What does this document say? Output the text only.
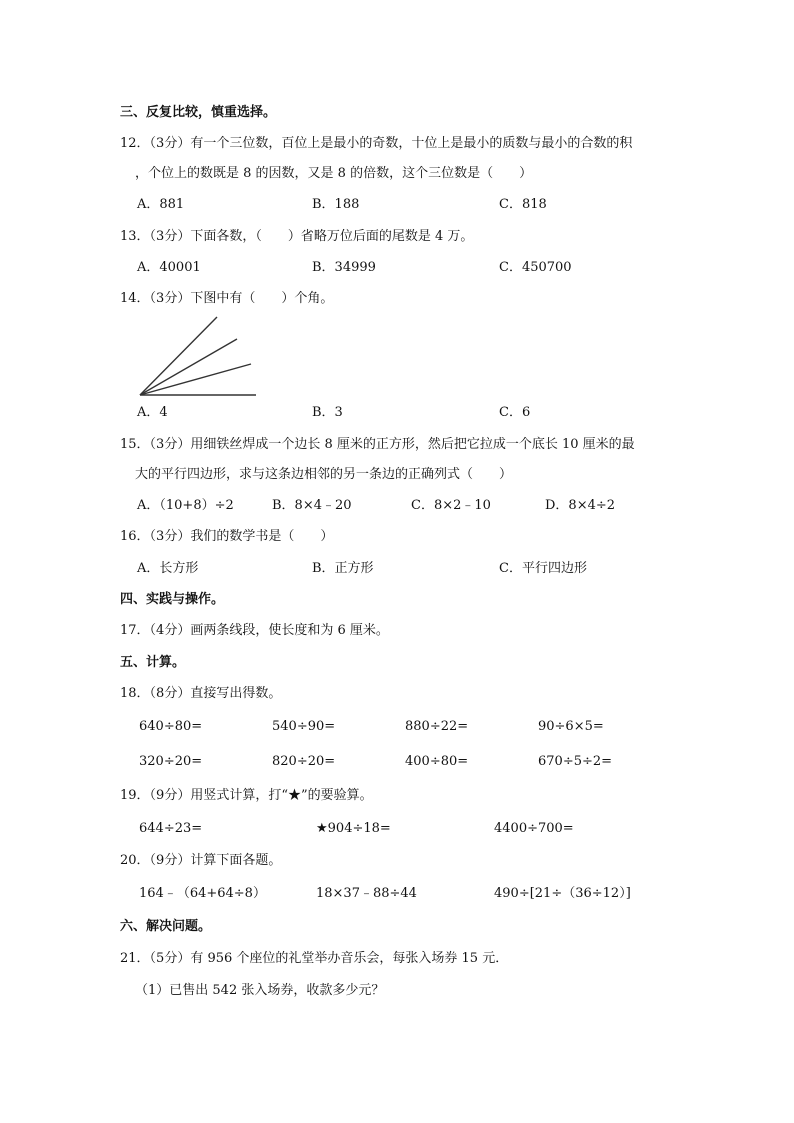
三、反复比较，慎重选择。
12．（3分）有一个三位数，百位上是最小的奇数，十位上是最小的质数与最小的合数的积
，个位上的数既是 8 的因数，又是 8 的倍数，这个三位数是（　　）
A．881	B．188	C．818
13．（3分）下面各数，（　　）省略万位后面的尾数是 4 万。
A．40001	B．34999	C．450700
14．（3分）下图中有（　　）个角。
A．4	B．3	C．6
15．（3分）用细铁丝焊成一个边长 8 厘米的正方形，然后把它拉成一个底长 10 厘米的最
大的平行四边形，求与这条边相邻的另一条边的正确列式（　　）
A．（10+8）÷2	B．8×4﹣20	C．8×2﹣10	D．8×4÷2
16．（3分）我们的数学书是（　　）
A．长方形	B．正方形	C．平行四边形
四、实践与操作。
17．（4分）画两条线段，使长度和为 6 厘米。
五、计算。
18．（8分）直接写出得数。
640÷80=	540÷90=	880÷22=	90÷6×5=
320÷20=	820÷20=	400÷80=	670÷5÷2=
19．（9分）用竖式计算，打“★”的要验算。
644÷23=	★904÷18=	4400÷700=
20．（9分）计算下面各题。
164﹣（64+64÷8）	18×37﹣88÷44	490÷[21÷（36÷12）]
六、解决问题。
21．（5分）有 956 个座位的礼堂举办音乐会，每张入场券 15 元．
（1）已售出 542 张入场券，收款多少元？
